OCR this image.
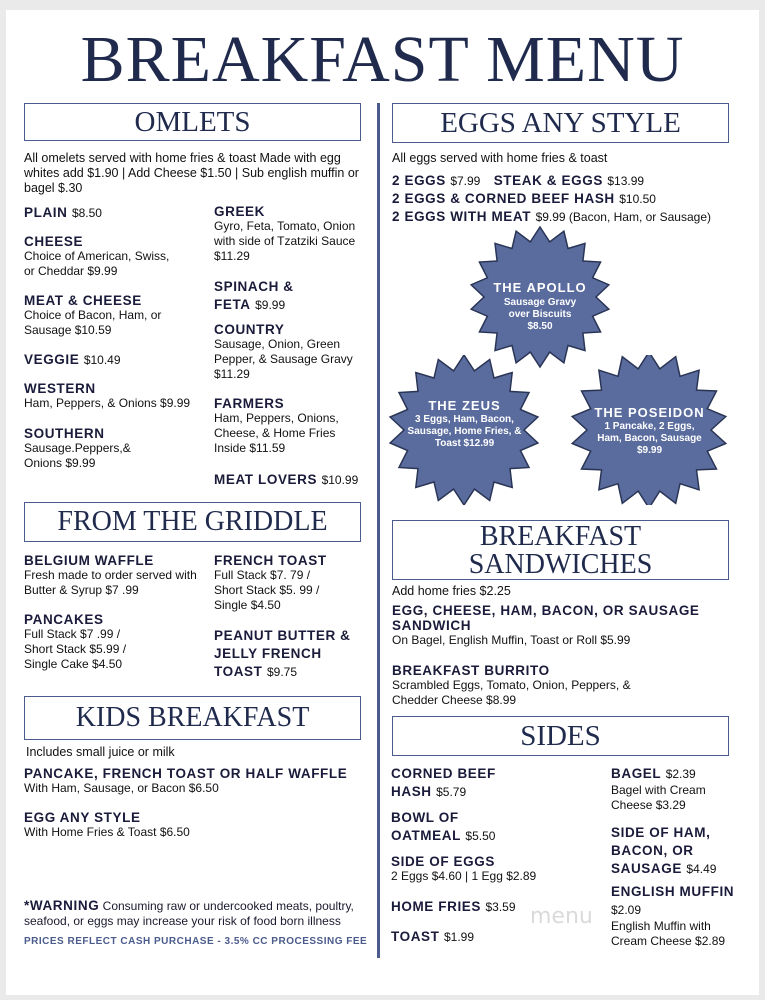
BREAKFAST MENU
OMLETS
All omelets served with home fries & toast Made with egg whites add $1.90 | Add Cheese $1.50 | Sub english muffin or bagel $.30
PLAIN $8.50
CHEESE
Choice of American, Swiss, or Cheddar $9.99
MEAT & CHEESE
Choice of Bacon, Ham, or Sausage $10.59
VEGGIE $10.49
WESTERN
Ham, Peppers, & Onions $9.99
SOUTHERN
Sausage.Peppers,& Onions $9.99
GREEK
Gyro, Feta, Tomato, Onion with side of Tzatziki Sauce $11.29
SPINACH & FETA $9.99
COUNTRY
Sausage, Onion, Green Pepper, & Sausage Gravy $11.29
FARMERS
Ham, Peppers, Onions, Cheese, & Home Fries Inside $11.59
MEAT LOVERS $10.99
FROM THE GRIDDLE
BELGIUM WAFFLE
Fresh made to order served with Butter & Syrup $7 .99
PANCAKES
Full Stack $7 .99 / Short Stack $5.99 / Single Cake $4.50
FRENCH TOAST
Full Stack $7. 79 / Short Stack $5. 99 / Single $4.50
PEANUT BUTTER & JELLY FRENCH TOAST $9.75
KIDS BREAKFAST
Includes small juice or milk
PANCAKE, FRENCH TOAST OR HALF WAFFLE
With Ham, Sausage, or Bacon $6.50
EGG ANY STYLE
With Home Fries & Toast $6.50
*WARNING Consuming raw or undercooked meats, poultry, seafood, or eggs may increase your risk of food born illness
PRICES REFLECT CASH PURCHASE - 3.5% CC PROCESSING FEE
EGGS ANY STYLE
All eggs served with home fries & toast
2 EGGS $7.99 STEAK & EGGS $13.99
2 EGGS & CORNED BEEF HASH $10.50
2 EGGS WITH MEAT $9.99 (Bacon, Ham, or Sausage)
THE APOLLO
Sausage Gravy over Biscuits $8.50
THE ZEUS
3 Eggs, Ham, Bacon, Sausage, Home Fries, & Toast $12.99
THE POSEIDON
1 Pancake, 2 Eggs, Ham, Bacon, Sausage $9.99
BREAKFAST
SANDWICHES
Add home fries $2.25
EGG, CHEESE, HAM, BACON, OR SAUSAGE SANDWICH
On Bagel, English Muffin, Toast or Roll $5.99
BREAKFAST BURRITO
Scrambled Eggs, Tomato, Onion, Peppers, & Chedder Cheese $8.99
SIDES
CORNED BEEF HASH $5.79
BOWL OF OATMEAL $5.50
SIDE OF EGGS
2 Eggs $4.60 | 1 Egg $2.89
HOME FRIES $3.59
TOAST $1.99
BAGEL $2.39
Bagel with Cream Cheese $3.29
SIDE OF HAM, BACON, OR SAUSAGE $4.49
ENGLISH MUFFIN $2.09
English Muffin with Cream Cheese $2.89
menu
